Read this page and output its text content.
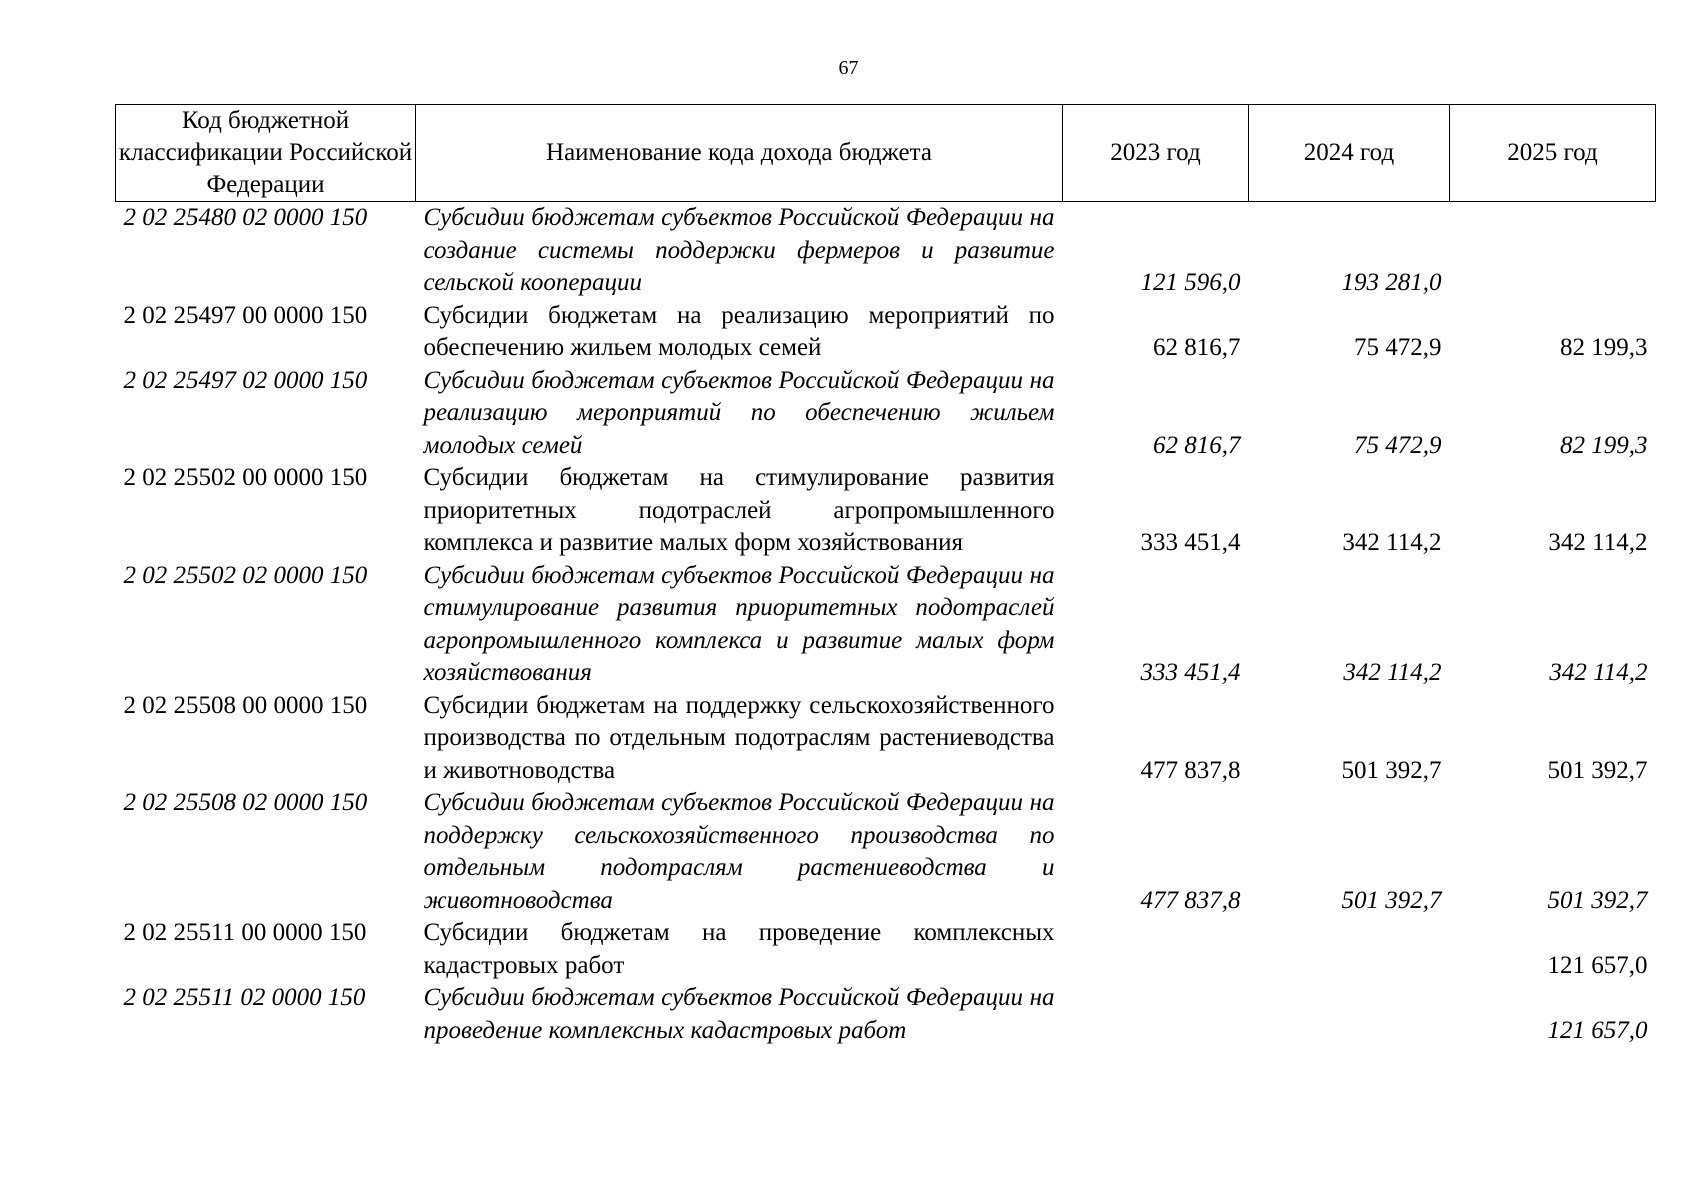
67
Код бюджетной классификации Российской Федерации	Наименование кода дохода бюджета	2023 год	2024 год	2025 год
2 02 25480 02 0000 150	Субсидии бюджетам субъектов Российской Федерации на создание системы поддержки фермеров и развитие сельской кооперации	121 596,0	193 281,0	
2 02 25497 00 0000 150	Субсидии бюджетам на реализацию мероприятий по обеспечению жильем молодых семей	62 816,7	75 472,9	82 199,3
2 02 25497 02 0000 150	Субсидии бюджетам субъектов Российской Федерации на реализацию мероприятий по обеспечению жильем молодых семей	62 816,7	75 472,9	82 199,3
2 02 25502 00 0000 150	Субсидии бюджетам на стимулирование развития приоритетных подотраслей агропромышленного комплекса и развитие малых форм хозяйствования	333 451,4	342 114,2	342 114,2
2 02 25502 02 0000 150	Субсидии бюджетам субъектов Российской Федерации на стимулирование развития приоритетных подотраслей агропромышленного комплекса и развитие малых форм хозяйствования	333 451,4	342 114,2	342 114,2
2 02 25508 00 0000 150	Субсидии бюджетам на поддержку сельскохозяйственного производства по отдельным подотраслям растениеводства и животноводства	477 837,8	501 392,7	501 392,7
2 02 25508 02 0000 150	Субсидии бюджетам субъектов Российской Федерации на поддержку сельскохозяйственного производства по отдельным подотраслям растениеводства и животноводства	477 837,8	501 392,7	501 392,7
2 02 25511 00 0000 150	Субсидии бюджетам на проведение комплексных кадастровых работ			121 657,0
2 02 25511 02 0000 150	Субсидии бюджетам субъектов Российской Федерации на проведение комплексных кадастровых работ			121 657,0
